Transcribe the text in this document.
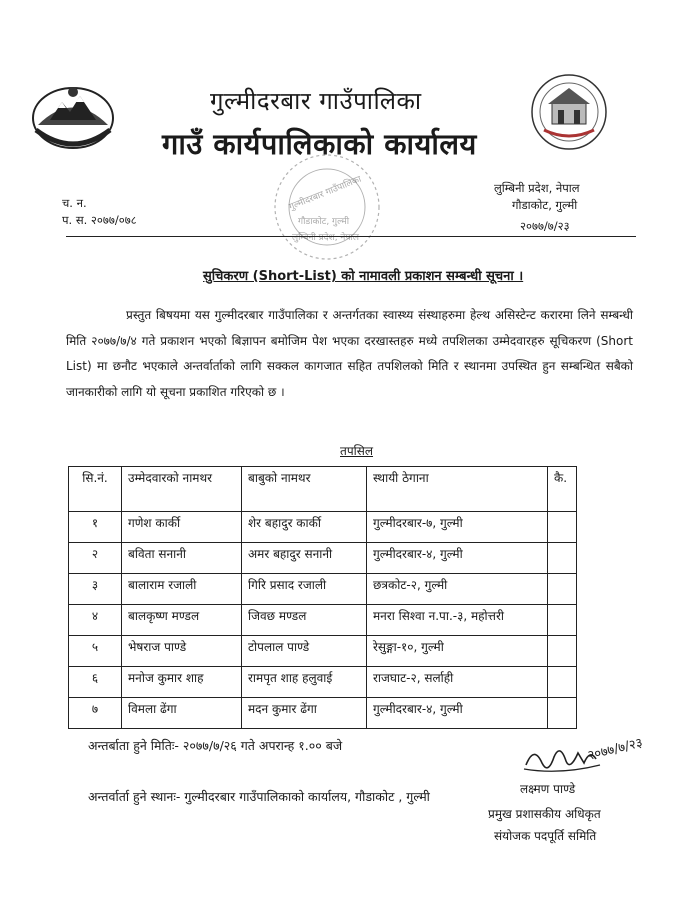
गुल्मीदरबार गाउँपालिका
गाउँ कार्यपालिकाको कार्यालय
गुल्मीदरबार गाउँपालिका
गौडाकोट, गुल्मी
लुम्बिनी प्रदेश, नेपाल
च. न.
प. स. २०७७/०७८
लुम्बिनी प्रदेश, नेपाल
गौडाकोट, गुल्मी
२०७७/७/२३
सुचिकरण (Short-List) को नामावली प्रकाशन सम्बन्धी सूचना ।
प्रस्तुत बिषयमा यस गुल्मीदरबार गाउँपालिका र अन्तर्गतका स्वास्थ्य संस्थाहरुमा हेल्थ असिस्टेन्ट करारमा लिने सम्बन्धी मिति २०७७/७/४ गते प्रकाशन भएको बिज्ञापन बमोजिम पेश भएका दरखास्तहरु मध्ये तपशिलका उम्मेदवारहरु सूचिकरण (Short List) मा छनौट भएकाले अन्तर्वार्ताको लागि सक्कल कागजात सहित तपशिलको मिति र स्थानमा उपस्थित हुन सम्बन्धित सबैको जानकारीको लागि यो सूचना प्रकाशित गरिएको छ ।
तपसिल
सि.नं.	उम्मेदवारको नामथर	बाबुको नामथर	स्थायी ठेगाना	कै.
१	गणेश कार्की	शेर बहादुर कार्की	गुल्मीदरबार-७, गुल्मी	
२	बविता सनानी	अमर बहादुर सनानी	गुल्मीदरबार-४, गुल्मी	
३	बालाराम रजाली	गिरि प्रसाद रजाली	छत्रकोट-२, गुल्मी	
४	बालकृष्ण मण्डल	जिवछ मण्डल	मनरा सिश्वा न.पा.-३, महोत्तरी	
५	भेषराज पाण्डे	टोपलाल पाण्डे	रेसुङ्गा-१०, गुल्मी	
६	मनोज कुमार शाह	रामपृत शाह हलुवाई	राजघाट-२, सर्लाही	
७	विमला ढेंगा	मदन कुमार ढेंगा	गुल्मीदरबार-४, गुल्मी	
अन्तर्बाता हुने मितिः- २०७७/७/२६ गते अपरान्ह १.०० बजे
अन्तर्वार्ता हुने स्थानः- गुल्मीदरबार गाउँपालिकाको कार्यालय, गौडाकोट , गुल्मी
२०७७/७/२३
लक्ष्मण पाण्डे
प्रमुख प्रशासकीय अधिकृत
संयोजक पदपूर्ति समिति
